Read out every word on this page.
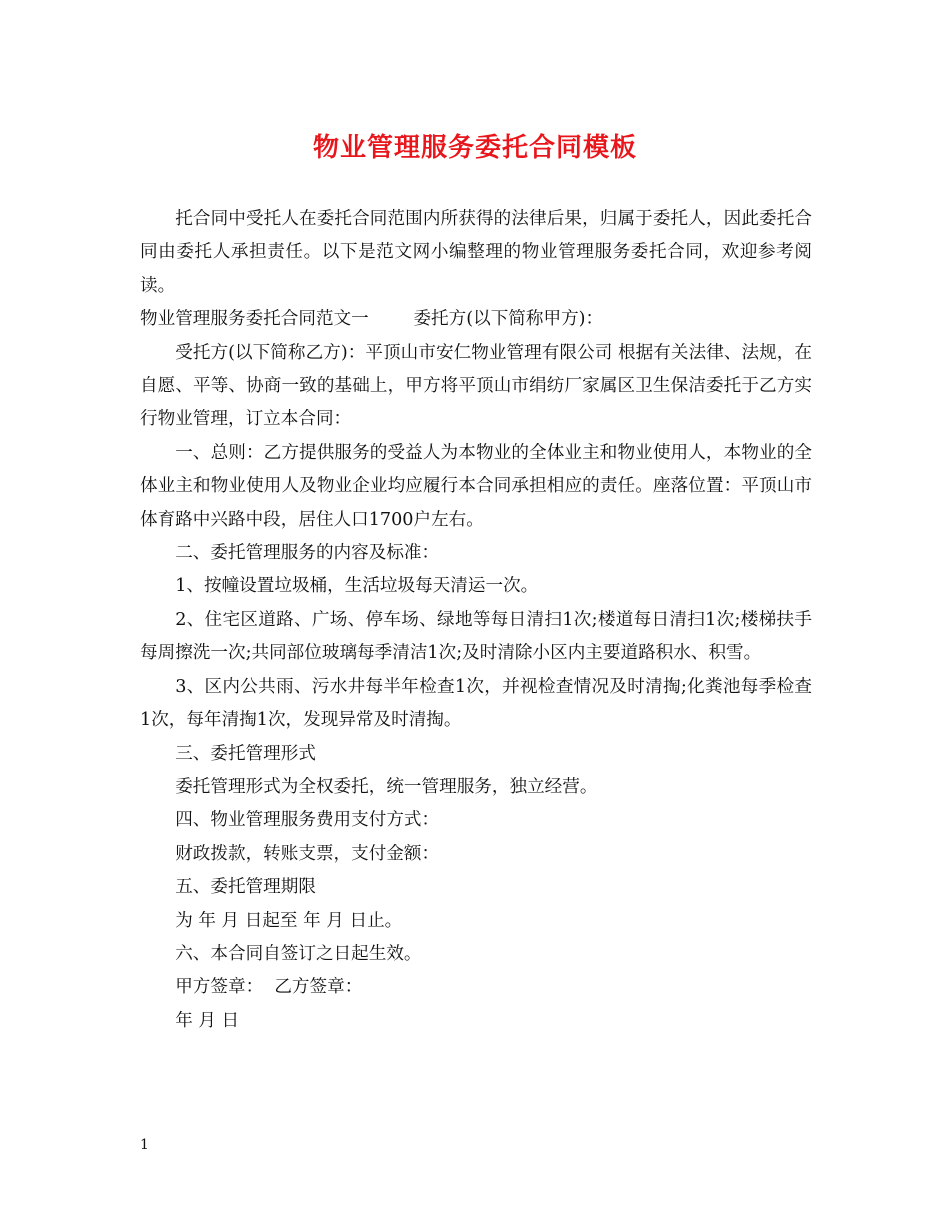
物业管理服务委托合同模板

托合同中受托人在委托合同范围内所获得的法律后果，归属于委托人，因此委托合同由委托人承担责任。以下是范文网小编整理的物业管理服务委托合同，欢迎参考阅读。

物业管理服务委托合同范文一        委托方(以下简称甲方)：

受托方(以下简称乙方)：平顶山市安仁物业管理有限公司 根据有关法律、法规，在自愿、平等、协商一致的基础上，甲方将平顶山市绢纺厂家属区卫生保洁委托于乙方实行物业管理，订立本合同：

一、总则：乙方提供服务的受益人为本物业的全体业主和物业使用人，本物业的全体业主和物业使用人及物业企业均应履行本合同承担相应的责任。座落位置：平顶山市体育路中兴路中段，居住人口1700户左右。

二、委托管理服务的内容及标准：

1、按幢设置垃圾桶，生活垃圾每天清运一次。

2、住宅区道路、广场、停车场、绿地等每日清扫1次;楼道每日清扫1次;楼梯扶手每周擦洗一次;共同部位玻璃每季清洁1次;及时清除小区内主要道路积水、积雪。

3、区内公共雨、污水井每半年检查1次，并视检查情况及时清掏;化粪池每季检查1次，每年清掏1次，发现异常及时清掏。

三、委托管理形式

委托管理形式为全权委托，统一管理服务，独立经营。

四、物业管理服务费用支付方式：

财政拨款，转账支票，支付金额：

五、委托管理期限

为 年 月 日起至 年 月 日止。

六、本合同自签订之日起生效。

甲方签章：  乙方签章：

年 月 日

1
